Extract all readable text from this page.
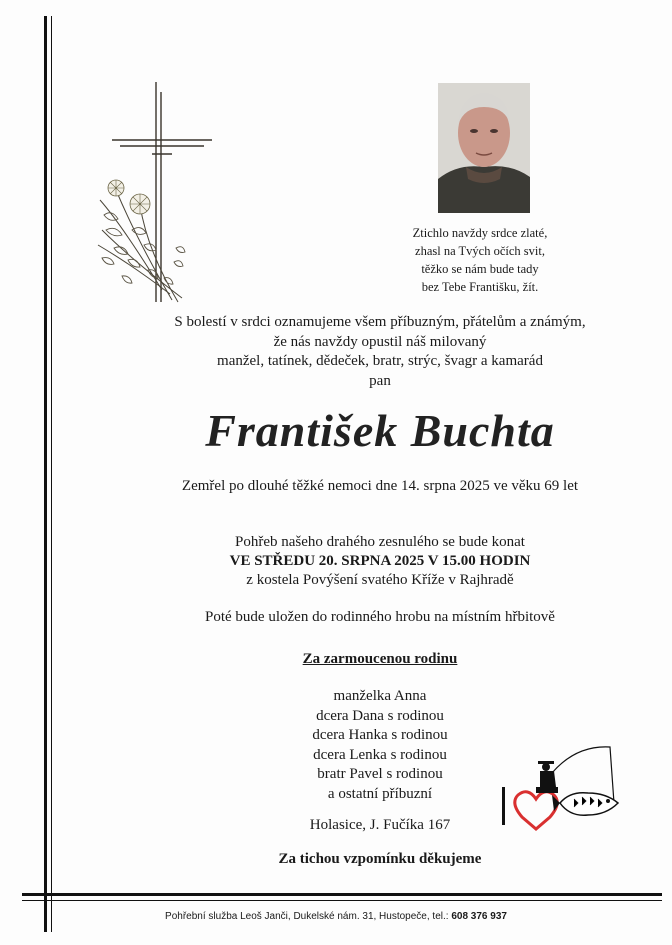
Ztichlo navždy srdce zlaté,
zhasl na Tvých očích svit,
těžko se nám bude tady
bez Tebe Františku, žít.
S bolestí v srdci oznamujeme všem příbuzným, přátelům a známým,
že nás navždy opustil náš milovaný
manžel, tatínek, dědeček, bratr, strýc, švagr a kamarád
pan
František Buchta
Zemřel po dlouhé těžké nemoci dne 14. srpna 2025 ve věku 69 let
Pohřeb našeho drahého zesnulého se bude konat
VE STŘEDU 20. SRPNA 2025 V 15.00 HODIN
z kostela Povýšení svatého Kříže v Rajhradě
Poté bude uložen do rodinného hrobu na místním hřbitově
Za zarmoucenou rodinu
manželka Anna
dcera Dana s rodinou
dcera Hanka s rodinou
dcera Lenka s rodinou
bratr Pavel s rodinou
a ostatní příbuzní
Holasice, J. Fučíka 167
Za tichou vzpomínku děkujeme
Pohřební služba Leoš Janči, Dukelské nám. 31, Hustopeče, tel.: 608 376 937
